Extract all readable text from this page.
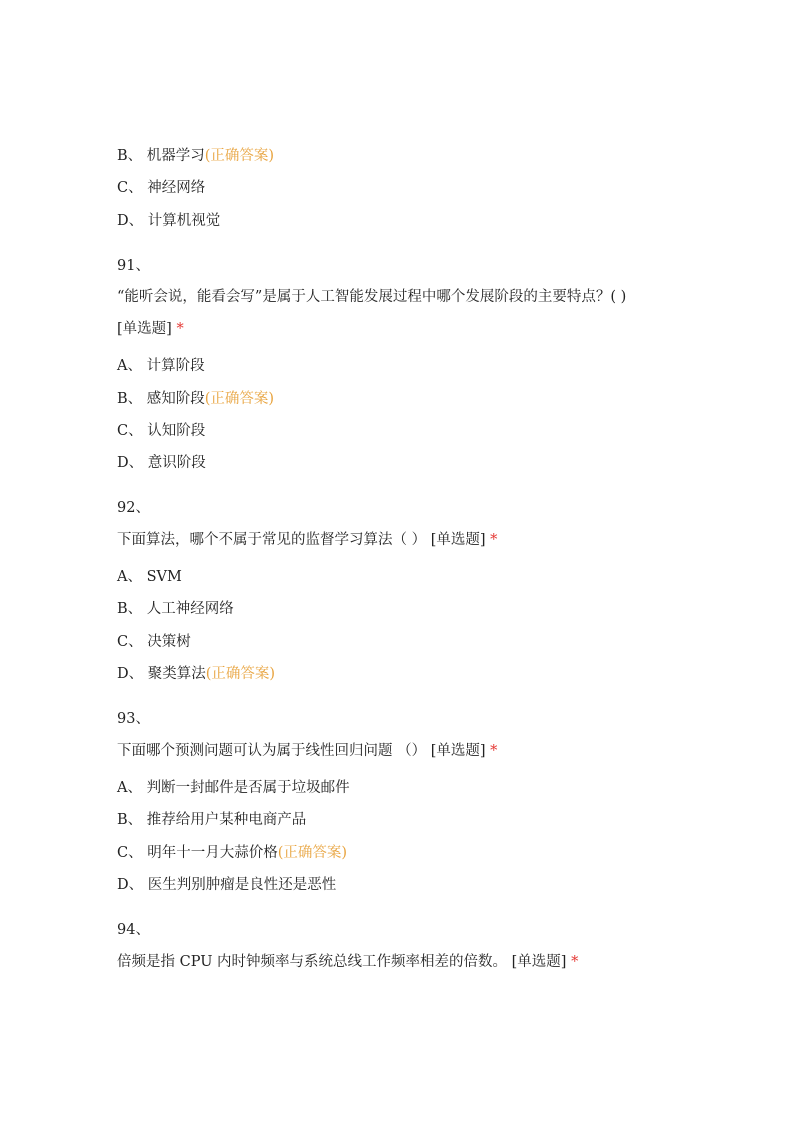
B、 机器学习(正确答案)
C、 神经网络
D、 计算机视觉
91、
“能听会说，能看会写”是属于人工智能发展过程中哪个发展阶段的主要特点？( )
[单选题] *
A、 计算阶段
B、 感知阶段(正确答案)
C、 认知阶段
D、 意识阶段
92、
下面算法，哪个不属于常见的监督学习算法（ ） [单选题] *
A、 SVM
B、 人工神经网络
C、 决策树
D、 聚类算法(正确答案)
93、
下面哪个预测问题可认为属于线性回归问题 （） [单选题] *
A、 判断一封邮件是否属于垃圾邮件
B、 推荐给用户某种电商产品
C、 明年十一月大蒜价格(正确答案)
D、 医生判别肿瘤是良性还是恶性
94、
倍频是指 CPU 内时钟频率与系统总线工作频率相差的倍数。 [单选题] *
